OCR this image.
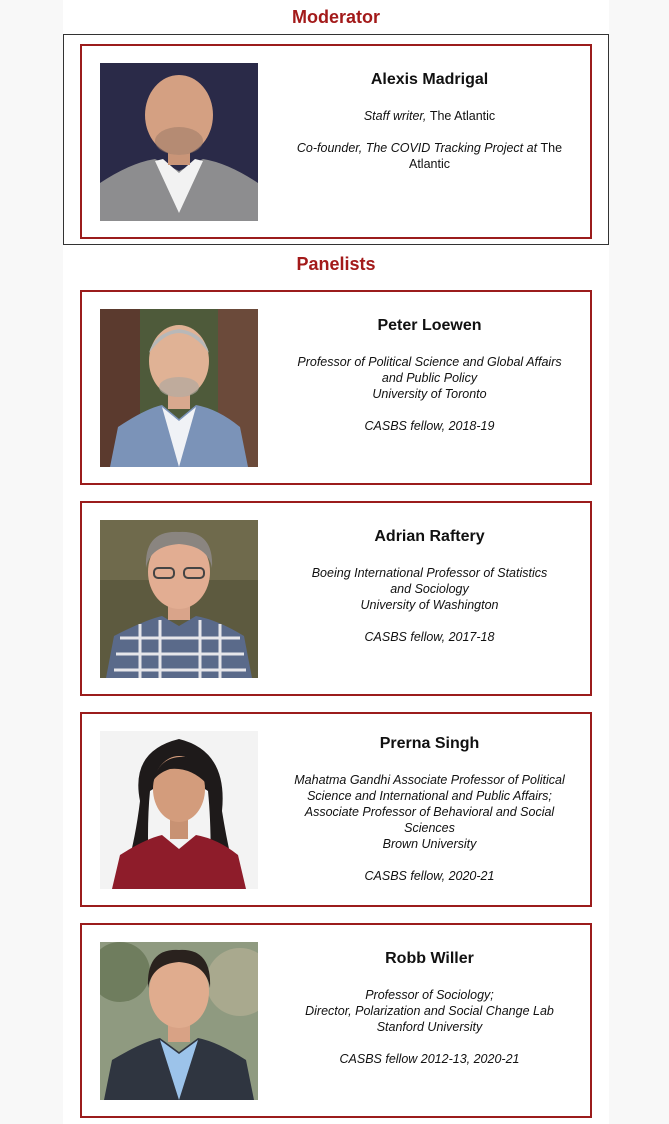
Moderator
Alexis Madrigal
Staff writer, The Atlantic
Co-founder, The COVID Tracking Project at The Atlantic
Panelists
Peter Loewen
Professor of Political Science and Global Affairs
and Public Policy
University of Toronto
CASBS fellow, 2018-19
Adrian Raftery
Boeing International Professor of Statistics
and Sociology
University of Washington
CASBS fellow, 2017-18
Prerna Singh
Mahatma Gandhi Associate Professor of Political
Science and International and Public Affairs;
Associate Professor of Behavioral and Social
Sciences
Brown University
CASBS fellow, 2020-21
Robb Willer
Professor of Sociology;
Director, Polarization and Social Change Lab
Stanford University
CASBS fellow 2012-13, 2020-21
